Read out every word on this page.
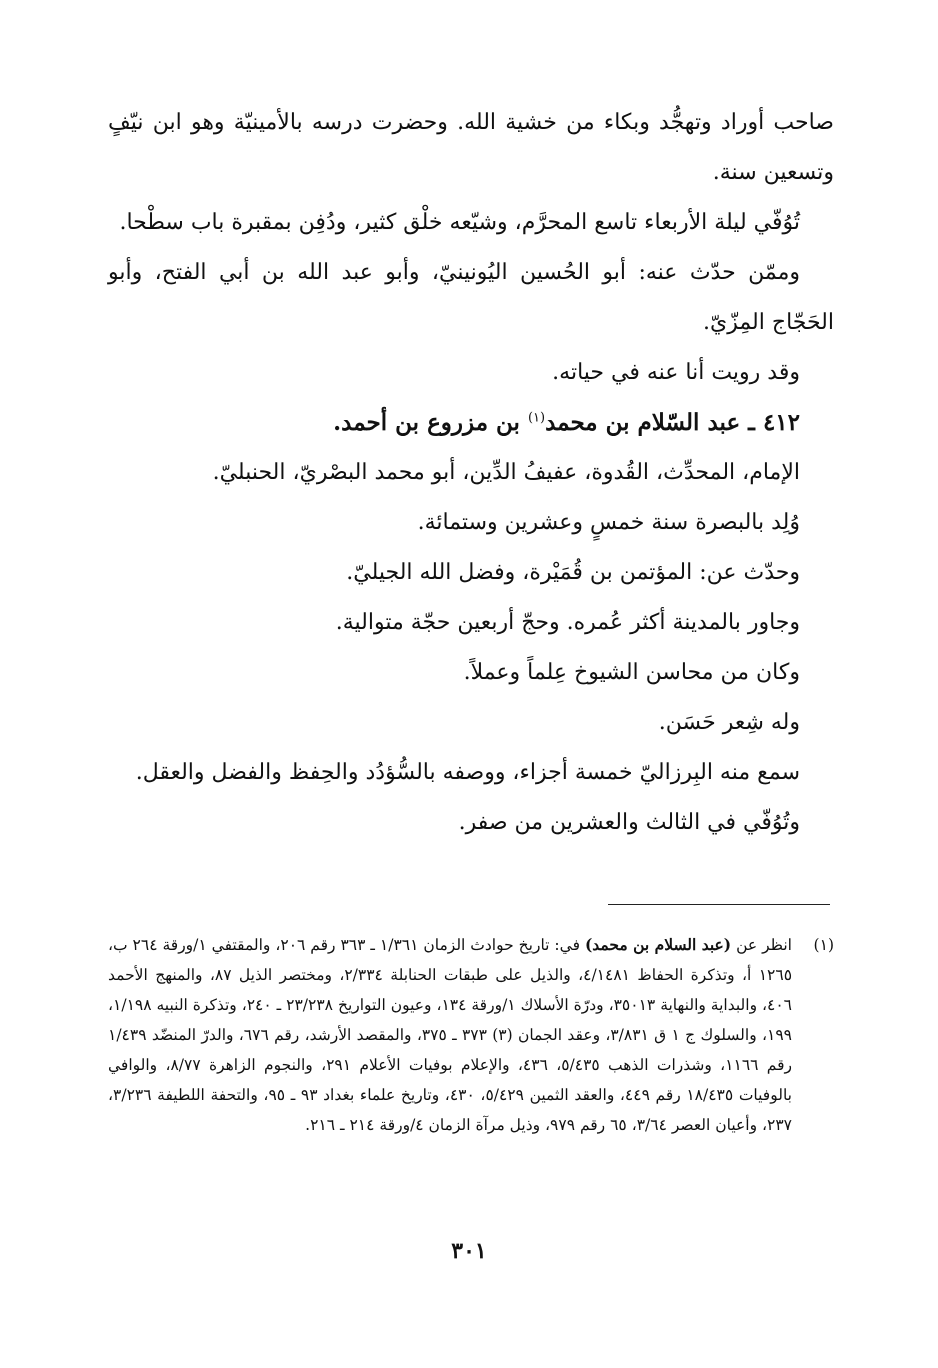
صاحب أوراد وتهجُّد وبكاء من خشية الله. وحضرت درسه بالأمينيّة وهو ابن نيّفٍ وتسعين سنة.

تُوُفّي ليلة الأربعاء تاسع المحرَّم، وشيّعه خلْق كثير، ودُفِن بمقبرة باب سطْحا.

وممّن حدّث عنه: أبو الحُسين اليُونينيّ، وأبو عبد الله بن أبي الفتح، وأبو الحَجّاج المِزّيّ.

وقد رويت أنا عنه في حياته.

٤١٢ ـ عبد السّلام بن محمد$^{(١)}$ بن مزروع بن أحمد.

الإمام، المحدِّث، القُدوة، عفيفُ الدِّين، أبو محمد البصْريّ، الحنبليّ.

وُلِد بالبصرة سنة خمسٍ وعشرين وستمائة.

وحدّث عن: المؤتمن بن قُمَيْرة، وفضل الله الجيليّ.

وجاور بالمدينة أكثر عُمره. وحجّ أربعين حجّة متوالية.

وكان من محاسن الشيوخ عِلماً وعملاً.

وله شِعر حَسَن.

سمع منه البِرزاليّ خمسة أجزاء، ووصفه بالسُّؤدُد والحِفظ والفضل والعقل.

وتُوُفّي في الثالث والعشرين من صفر.

(١)
انظر عن (عبد السلام بن محمد) في: تاريخ حوادث الزمان ١/٣٦١ ـ ٣٦٣ رقم ٢٠٦، والمقتفي ١/ورقة ٢٦٤ ب، ١٢٦٥ أ، وتذكرة الحفاظ ٤/١٤٨١، والذيل على طبقات الحنابلة ٢/٣٣٤، ومختصر الذيل ٨٧، والمنهج الأحمد ٤٠٦، والبداية والنهاية ٣٥٠١٣، ودرّة الأسلاك ١/ورقة ١٣٤، وعيون التواريخ ٢٣/٢٣٨ ـ ٢٤٠، وتذكرة النبيه ١/١٩٨، ١٩٩، والسلوك ج ١ ق ٣/٨٣١، وعقد الجمان (٣) ٣٧٣ ـ ٣٧٥، والمقصد الأرشد، رقم ٦٧٦، والدرّ المنضّد ١/٤٣٩ رقم ١١٦٦، وشذرات الذهب ٥/٤٣٥، ٤٣٦، والإعلام بوفيات الأعلام ٢٩١، والنجوم الزاهرة ٨/٧٧، والوافي بالوفيات ١٨/٤٣٥ رقم ٤٤٩، والعقد الثمين ٥/٤٢٩، ٤٣٠، وتاريخ علماء بغداد ٩٣ ـ ٩٥، والتحفة اللطيفة ٣/٢٣٦، ٢٣٧، وأعيان العصر ٣/٦٤، ٦٥ رقم ٩٧٩، وذيل مرآة الزمان ٤/ورقة ٢١٤ ـ ٢١٦.
٣٠١
